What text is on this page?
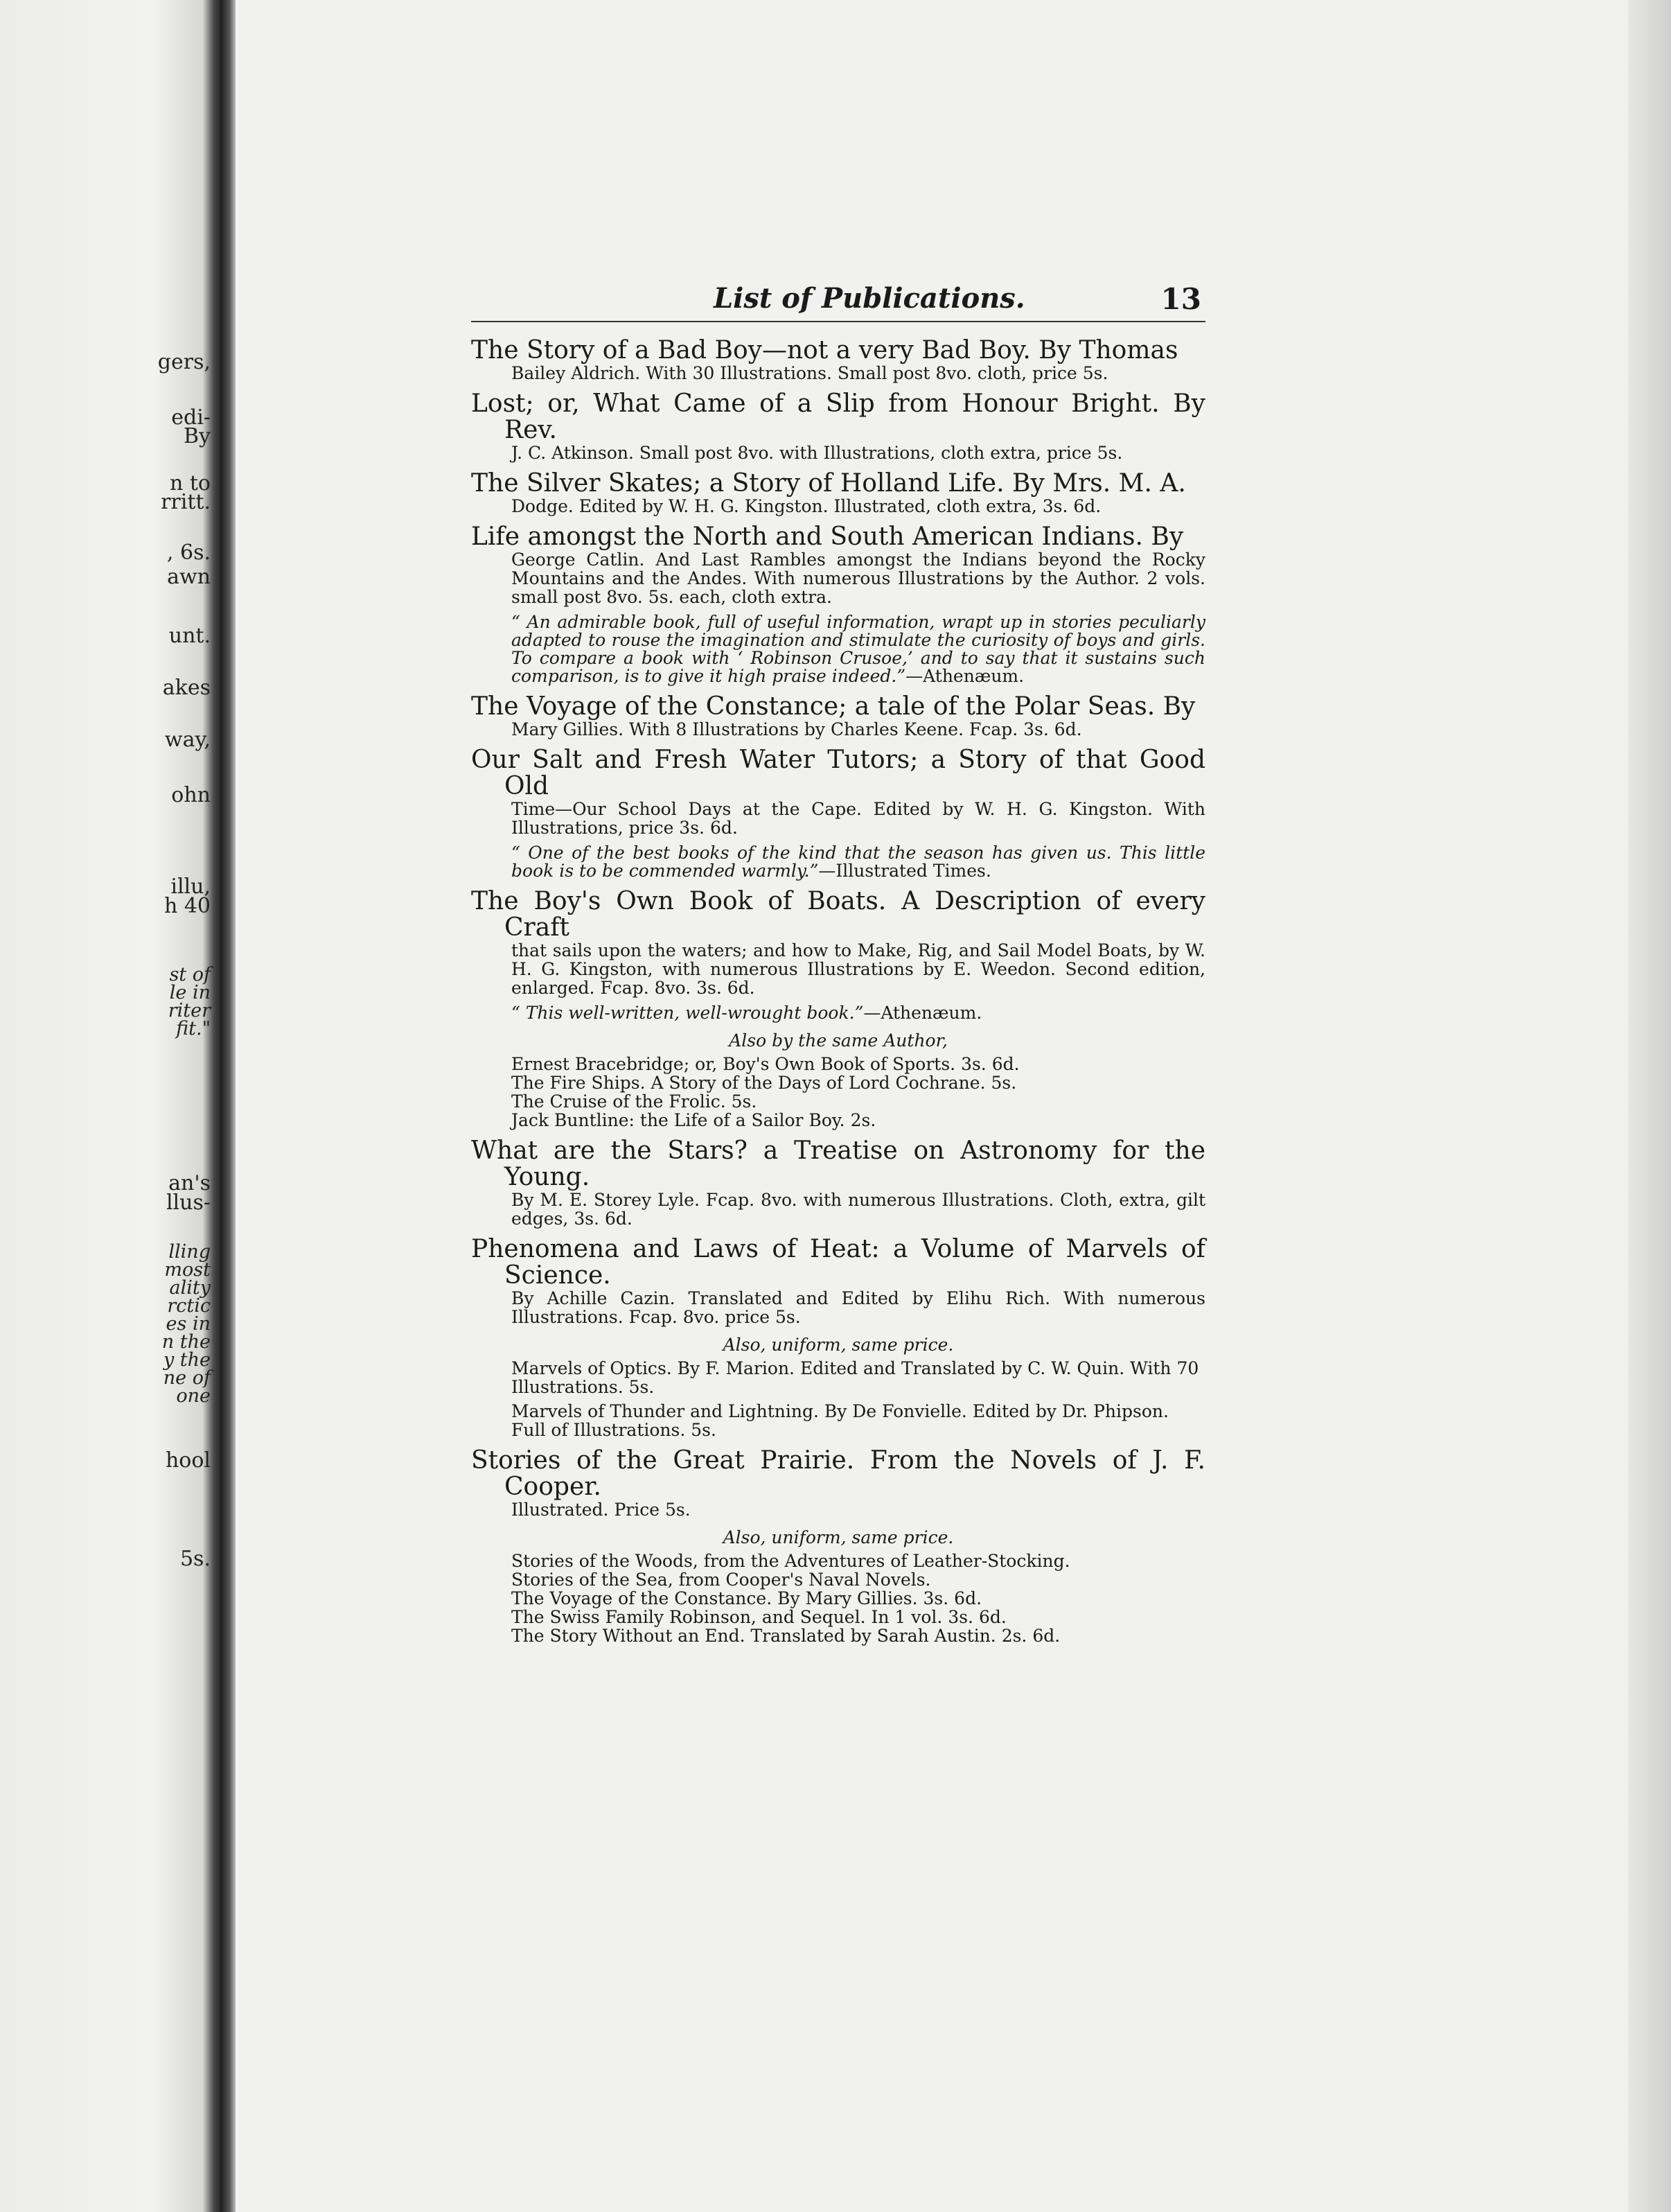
gers,
edi-
By
n to
rritt.
, 6s.
awn
unt.
akes
way,
ohn
illu,
h 40
st of
le in
riter
fit."
an's
llus-
lling
most
ality
rctic
es in
n the
y the
ne of
one
hool
5s.
List of Publications.	13
The Story of a Bad Boy—not a very Bad Boy. By Thomas
Bailey Aldrich. With 30 Illustrations. Small post 8vo. cloth, price 5s.
Lost; or, What Came of a Slip from Honour Bright. By Rev.
J. C. Atkinson. Small post 8vo. with Illustrations, cloth extra, price 5s.
The Silver Skates; a Story of Holland Life. By Mrs. M. A.
Dodge. Edited by W. H. G. Kingston. Illustrated, cloth extra, 3s. 6d.
Life amongst the North and South American Indians. By
George Catlin. And Last Rambles amongst the Indians beyond the Rocky Mountains and the Andes. With numerous Illustrations by the Author. 2 vols. small post 8vo. 5s. each, cloth extra.
“ An admirable book, full of useful information, wrapt up in stories peculiarly adapted to rouse the imagination and stimulate the curiosity of boys and girls. To compare a book with ‘ Robinson Crusoe,’ and to say that it sustains such comparison, is to give it high praise indeed.”—Athenæum.
The Voyage of the Constance; a tale of the Polar Seas. By
Mary Gillies. With 8 Illustrations by Charles Keene. Fcap. 3s. 6d.
Our Salt and Fresh Water Tutors; a Story of that Good Old
Time—Our School Days at the Cape. Edited by W. H. G. Kingston. With Illustrations, price 3s. 6d.
“ One of the best books of the kind that the season has given us. This little book is to be commended warmly.”—Illustrated Times.
The Boy's Own Book of Boats. A Description of every Craft
that sails upon the waters; and how to Make, Rig, and Sail Model Boats, by W. H. G. Kingston, with numerous Illustrations by E. Weedon. Second edition, enlarged. Fcap. 8vo. 3s. 6d.
“ This well-written, well-wrought book.”—Athenæum.
Also by the same Author,
Ernest Bracebridge; or, Boy's Own Book of Sports. 3s. 6d.
The Fire Ships. A Story of the Days of Lord Cochrane. 5s.
The Cruise of the Frolic. 5s.
Jack Buntline: the Life of a Sailor Boy. 2s.
What are the Stars? a Treatise on Astronomy for the Young.
By M. E. Storey Lyle. Fcap. 8vo. with numerous Illustrations. Cloth, extra, gilt edges, 3s. 6d.
Phenomena and Laws of Heat: a Volume of Marvels of Science.
By Achille Cazin. Translated and Edited by Elihu Rich. With numerous Illustrations. Fcap. 8vo. price 5s.
Also, uniform, same price.
Marvels of Optics. By F. Marion. Edited and Translated by C. W. Quin. With 70 Illustrations. 5s.
Marvels of Thunder and Lightning. By De Fonvielle. Edited by Dr. Phipson. Full of Illustrations. 5s.
Stories of the Great Prairie. From the Novels of J. F. Cooper.
Illustrated. Price 5s.
Also, uniform, same price.
Stories of the Woods, from the Adventures of Leather-Stocking.
Stories of the Sea, from Cooper's Naval Novels.
The Voyage of the Constance. By Mary Gillies. 3s. 6d.
The Swiss Family Robinson, and Sequel. In 1 vol. 3s. 6d.
The Story Without an End. Translated by Sarah Austin. 2s. 6d.
